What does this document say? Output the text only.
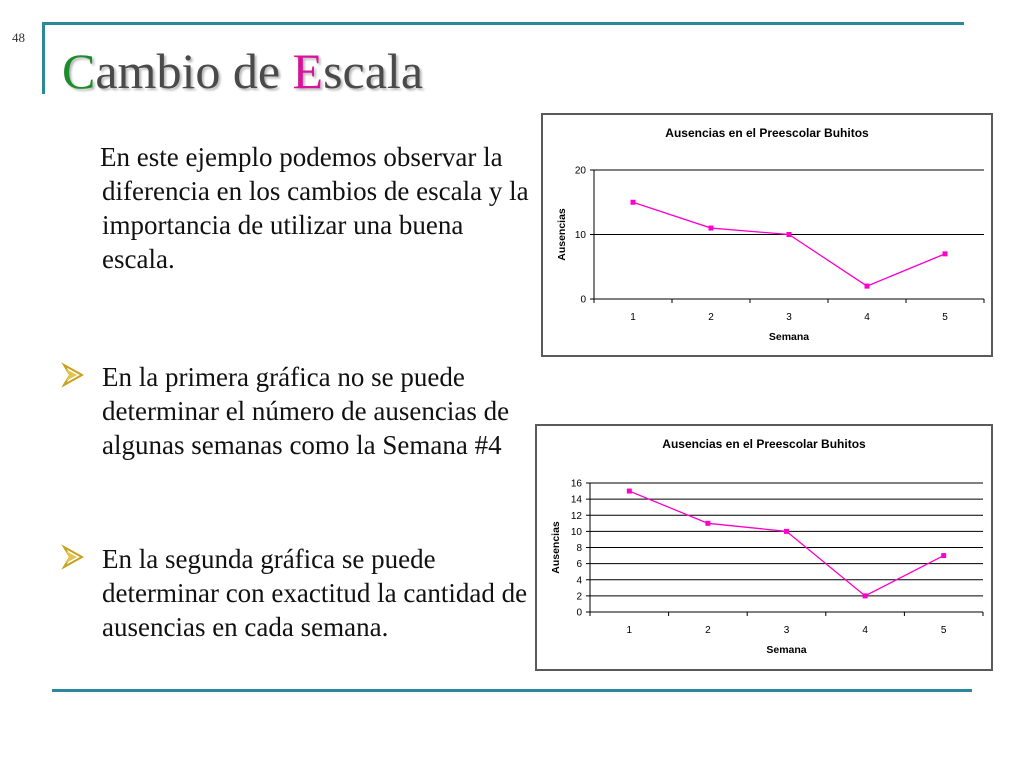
48
Cambio de Escala
En este ejemplo podemos observar la diferencia en los cambios de escala y la importancia de utilizar una buena escala.
En la primera gráfica no se puede determinar el número de ausencias de algunas semanas como la Semana #4
En la segunda gráfica se puede determinar con exactitud la cantidad de ausencias en cada semana.
Ausencias en el Preescolar Buhitos
0
10
20
1	2	3	4	5
Semana
Ausencias
Ausencias en el Preescolar Buhitos
0
2
4
6
8
10
12
14
16
1	2	3	4	5
Semana
Ausencias
